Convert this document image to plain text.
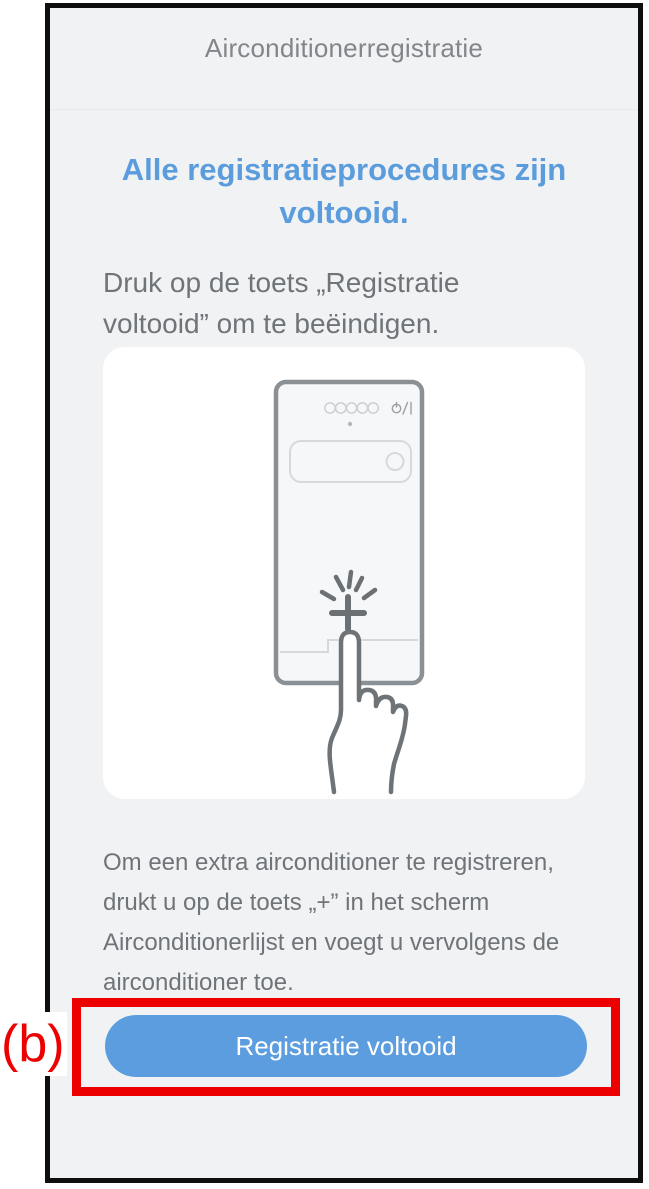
(b)
Airconditionerregistratie
Alle registratieprocedures zijn voltooid.
Druk op de toets „Registratie voltooid” om te beëindigen.
Om een extra airconditioner te registreren, drukt u op de toets „+” in het scherm Airconditionerlijst en voegt u vervolgens de airconditioner toe.
Registratie voltooid
